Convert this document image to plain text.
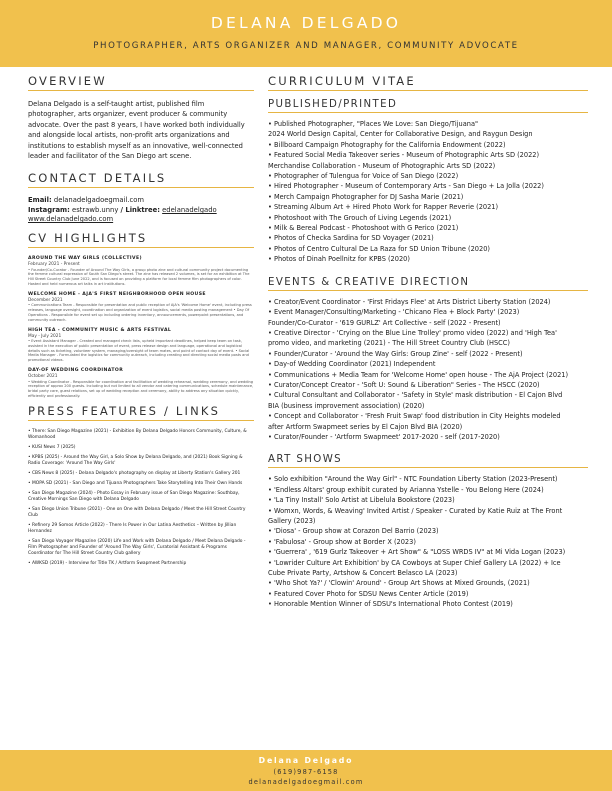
DELANA DELGADO
PHOTOGRAPHER, ARTS ORGANIZER AND MANAGER, COMMUNITY ADVOCATE
OVERVIEW

Delana Delgado is a self-taught artist, published film photographer, arts organizer, event producer & community advocate. Over the past 8 years, I have worked both individually and alongside local artists, non-profit arts organizations and institutions to establish myself as an innovative, well-connected leader and facilitator of the San Diego art scene.

CONTACT DETAILS
Email: delanadelgadoegmail.com
Instagram: estrawb.unny / Linktree: edelanadelgado
www.delanadelgado.com
CV HIGHLIGHTS
AROUND THE WAY GIRLS (COLLECTIVE)
February 2021 - Present
• Founder/Co-Curator - Founder of Around The Way Girls, a group photo zine and cultural community project documenting the femme cultural expression of South San Diego's street. The zine has released 2 volumes, is set for an exhibition at The Hill Street Country Club June 2022, and is focused on providing a platform for local femme film photographers of color. Hosted and held numerous art talks in art institutions.
WELCOME HOME - AJA'S FIRST NEIGHBORHOOD OPEN HOUSE
December 2021
• Communications Team - Responsible for presentation and public reception of AjA's 'Welcome Home' event, including press releases, language oversight, coordination and organization of event logistics, social media posting management • Day Of Operations - Responsible for event set up including ordering inventory, announcements, powerpoint presentations, and community outreach.
HIGH TEA - COMMUNITY MUSIC & ARTS FESTIVAL
May - July 2021
• Event Assistant Manager - Created and managed check lists, upheld important deadlines, helped keep team on task, assisted in the execution of public presentation of event, press release design and language, operational and logistical details such as ticketing, volunteer system, managing/oversight of team mates, and point of contact day of event. • Social Media Manager - Formulated the logistics for community outreach, including creating and directing social media posts and promotional videos.
DAY-OF WEDDING COORDINATOR
October 2021
• Wedding Coordinator - Responsible for coordination and facilitation of wedding rehearsal, wedding ceremony, and wedding reception of approx 200 guests. Including but not limited to all vendor and catering communications, schedule maintenance, bridal party care, guest relations, set up of wedding reception and ceremony, ability to address any situation quickly, efficiently and professionally.
PRESS FEATURES / LINKS
• There: San Diego Magazine (2021) - Exhibition By Delana Delgado Honors Community, Culture, & Womanhood
• KUSI News 7 (2025)
• KPBS (2025) - Around the Way Girl, a Solo Show by Delana Delgado, and (2021) Book Signing & Radio Coverage: 'Around The Way Girls'
• CBS News 8 (2025) - Delana Delgado's photography on display at Liberty Station's Gallery 201
• MOPA SD (2021) - San Diego and Tijuana Photographers Take Storytelling Into Their Own Hands
• San Diego Magazine (2024) - Photo Essay in February issue of San Diego Magazine: Southbay, Creative Mornings San Diego with Delana Delgado
• San Diego Union Tribune (2021) - One on One with Delana Delgado / Meet the Hill Street Country Club
• Refinery 29 Somos Article (2022) - There Is Power in Our Latina Aesthetics – Written by Jillian Hernandez
• San Diego Voyager Magazine (2020) Life and Work with Delana Delgado / Meet Delana Delgado - Film Photographer and Founder of 'Around The Way Girls', Curatorial Assistant & Programs Coordinator for The Hill Street Country Club gallery
• AWKSD (2019) - Interview for Title TK / Artform Swapmeet Partnership
CURRICULUM VITAE
PUBLISHED/PRINTED
• Published Photographer, "Places We Love: San Diego/Tijuana"
2024 World Design Capital, Center for Collaborative Design, and Raygun Design
• Billboard Campaign Photography for the California Endowment (2022)
• Featured Social Media Takeover series - Museum of Photographic Arts SD (2022)
Merchandise Collaboration - Museum of Photographic Arts SD (2022)
• Photographer of Tulengua for Voice of San Diego (2022)
• Hired Photographer - Museum of Contemporary Arts - San Diego + La Jolla (2022)
• Merch Campaign Photographer for DJ Sasha Marie (2021)
• Streaming Album Art + Hired Photo Work for Rapper Reverie (2021)
• Photoshoot with The Grouch of Living Legends (2021)
• Milk & Bereal Podcast - Photoshoot with G Perico (2021)
• Photos of Checka Sardina for SD Voyager (2021)
• Photos of Centro Cultural De La Raza for SD Union Tribune (2020)
• Photos of Dinah Poellnitz for KPBS (2020)
EVENTS & CREATIVE DIRECTION
• Creator/Event Coordinator - 'First Fridays Flee' at Arts District Liberty Station (2024)
• Event Manager/Consulting/Marketing - 'Chicano Flea + Block Party' (2023)
Founder/Co-Curator - '619 GURLZ' Art Collective - self (2022 - Present)
• Creative Director - 'Crying on the Blue Line Trolley' promo video (2022) and 'High Tea'
promo video, and marketing (2021) - The Hill Street Country Club (HSCC)
• Founder/Curator - 'Around the Way Girls: Group Zine' - self (2022 - Present)
• Day-of Wedding Coordinator (2021) Independent
• Communications + Media Team for 'Welcome Home' open house - The AjA Project (2021)
• Curator/Concept Creator - 'Soft U: Sound & Liberation" Series - The HSCC (2020)
• Cultural Consultant and Collaborator - 'Safety in Style' mask distribution - El Cajon Blvd
BIA (business improvement association) (2020)
• Concept and Collaborator - 'Fresh Fruit Swap' food distribution in City Heights modeled
after Artform Swapmeet series by El Cajon Blvd BIA (2020)
• Curator/Founder - 'Artform Swapmeet' 2017-2020 - self (2017-2020)
ART SHOWS
• Solo exhibition "Around the Way Girl" - NTC Foundation Liberty Station (2023-Present)
• 'Endless Altars' group exhibit curated by Arianna Ystelle - You Belong Here (2024)
• 'La Tiny Install' Solo Artist at Libelula Bookstore (2023)
• Womxn, Words, & Weaving' Invited Artist / Speaker - Curated by Katie Ruiz at The Front
Gallery (2023)
• 'Diosa' - Group show at Corazon Del Barrio (2023)
• 'Fabulosa' - Group show at Border X (2023)
• 'Guerrera' , '619 Gurlz Takeover + Art Show" & "LOSS WRDS IV" at Mi Vida Logan (2023)
• 'Lowrider Culture Art Exhibition' by CA Cowboys at Super Chief Gallery LA (2022) + Ice
Cube Private Party, Artshow & Concert Belasco LA (2023)
• 'Who Shot Ya?' / 'Clowin' Around' - Group Art Shows at Mixed Grounds, (2021)
• Featured Cover Photo for SDSU News Center Article (2019)
• Honorable Mention Winner of SDSU's International Photo Contest (2019)
Delana Delgado
(619)987-6158
delanadelgadoegmail.com
